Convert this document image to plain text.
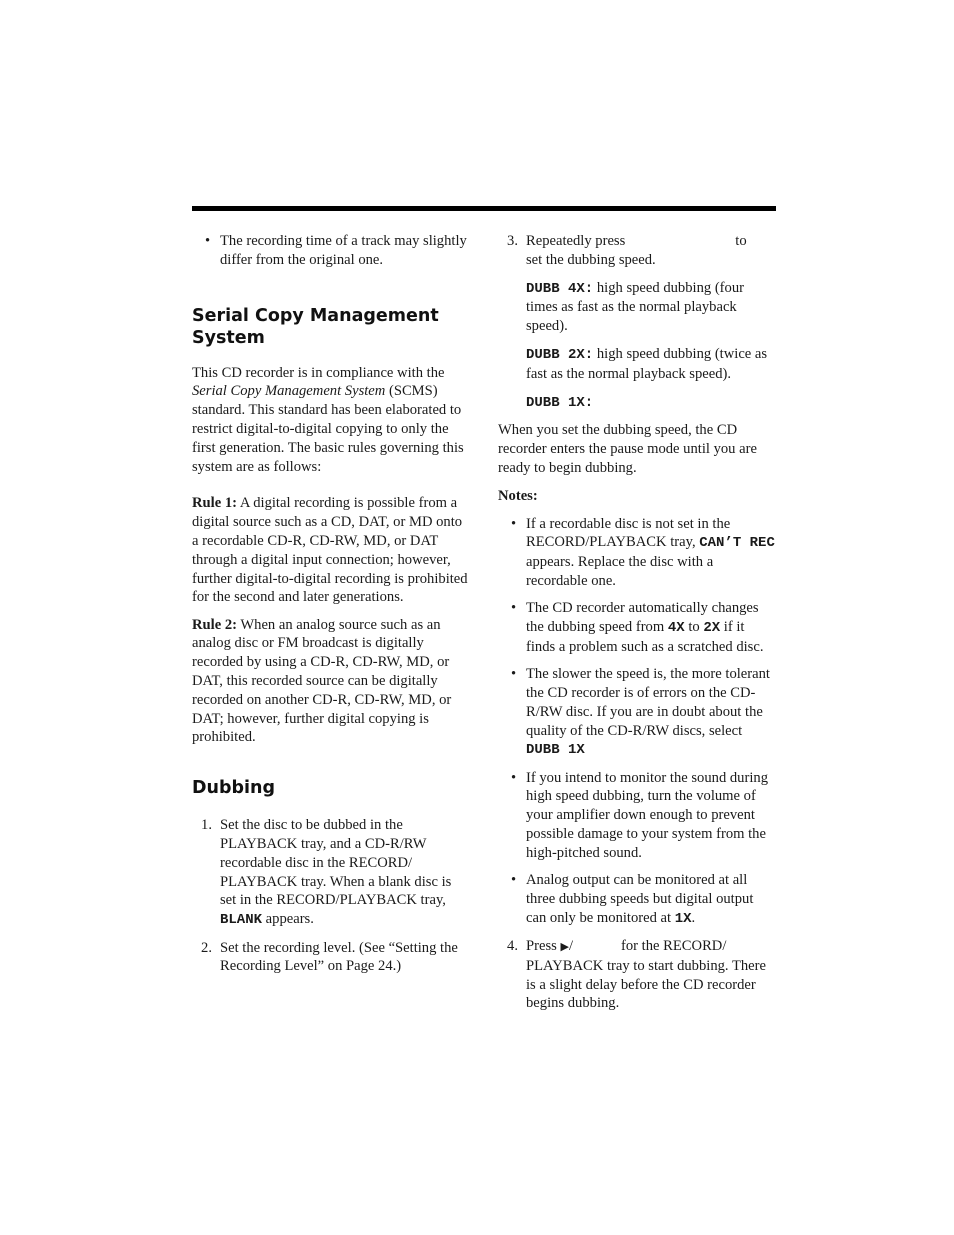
• The recording time of a track may slightly differ from the original one.

Serial Copy Management System

This CD recorder is in compliance with the Serial Copy Management System (SCMS) standard. This standard has been elaborated to restrict digital-to-digital copying to only the first generation. The basic rules governing this system are as follows:

Rule 1: A digital recording is possible from a digital source such as a CD, DAT, or MD onto a recordable CD-R, CD-RW, MD, or DAT through a digital input connection; however, further digital-to-digital recording is prohibited for the second and later generations.

Rule 2: When an analog source such as an analog disc or FM broadcast is digitally recorded by using a CD-R, CD-RW, MD, or DAT, this recorded source can be digitally recorded on another CD-R, CD-RW, MD, or DAT; however, further digital copying is prohibited.

Dubbing
1. Set the disc to be dubbed in the PLAYBACK tray, and a CD-R/RW recordable disc in the RECORD/ PLAYBACK tray. When a blank disc is set in the RECORD/PLAYBACK tray, BLANK appears.

2. Set the recording level. (See “Setting the Recording Level” on Page 24.)

3. Repeatedly press	to
set the dubbing speed.

DUBB 4X: high speed dubbing (four times as fast as the normal playback speed).

DUBB 2X: high speed dubbing (twice as fast as the normal playback speed).

DUBB 1X:

When you set the dubbing speed, the CD recorder enters the pause mode until you are ready to begin dubbing.

Notes:

• If a recordable disc is not set in the RECORD/PLAYBACK tray, CAN’T REC appears. Replace the disc with a recordable one.

• The CD recorder automatically changes the dubbing speed from 4X to 2X if it finds a problem such as a scratched disc.

• The slower the speed is, the more tolerant the CD recorder is of errors on the CD-R/RW disc. If you are in doubt about the quality of the CD-R/RW discs, select DUBB 1X

• If you intend to monitor the sound during high speed dubbing, turn the volume of your amplifier down enough to prevent possible damage to your system from the high-pitched sound.

• Analog output can be monitored at all three dubbing speeds but digital output can only be monitored at 1X.

4. Press ▶/	for the RECORD/
PLAYBACK tray to start dubbing. There is a slight delay before the CD recorder begins dubbing.
